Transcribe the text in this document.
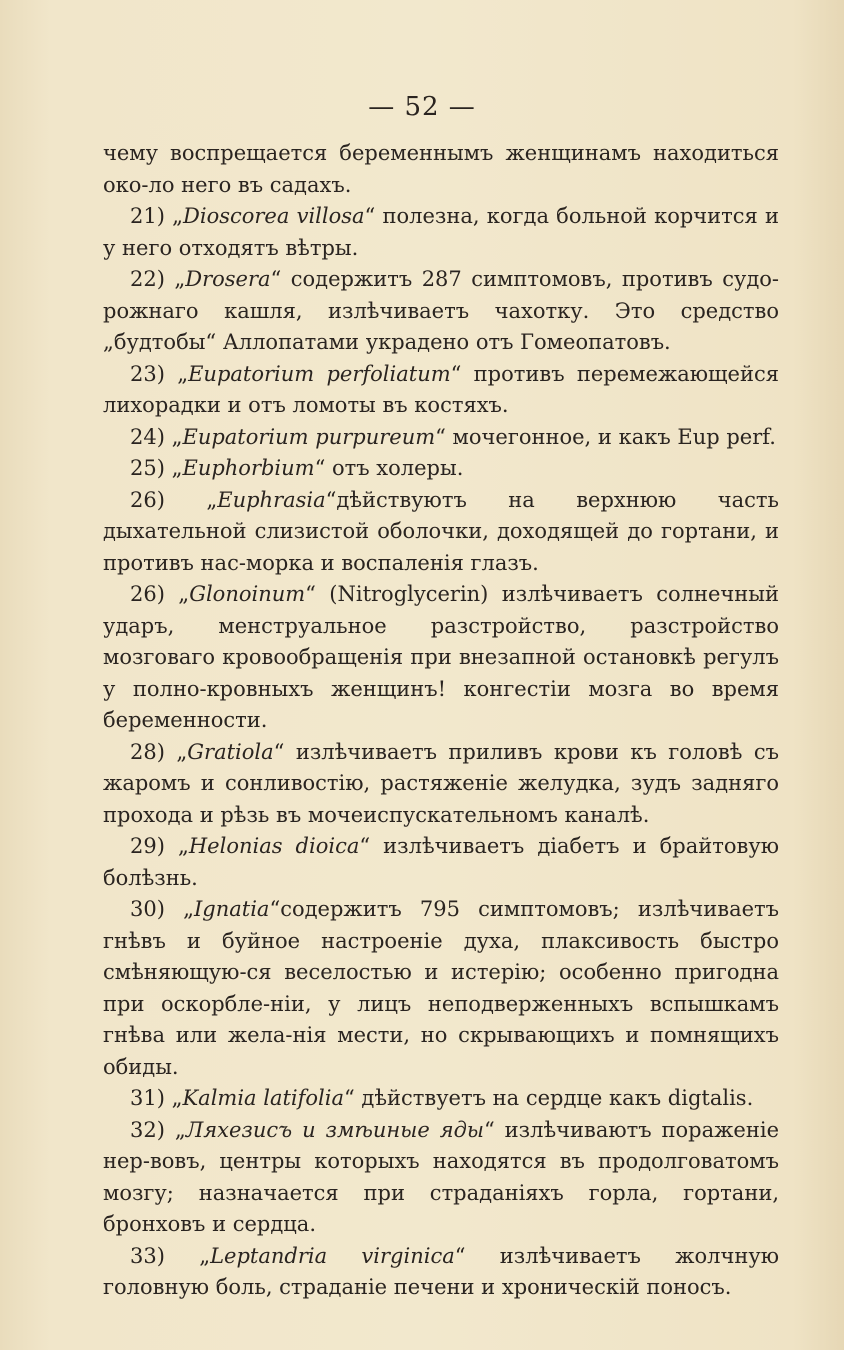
— 52 —

чему воспрещается беременнымъ женщинамъ находиться око-ло него въ садахъ.

21) „Dioscorea villosa“ полезна, когда больной корчится и у него отходятъ вѣтры.

22) „Drosera“ содержитъ 287 симптомовъ, противъ судо-рожнаго кашля, излѣчиваетъ чахотку. Это средство „будтобы“ Аллопатами украдено отъ Гомеопатовъ.

23) „Eupatorium perfoliatum“ противъ перемежающейся лихорадки и отъ ломоты въ костяхъ.

24) „Eupatorium purpureum“ мочегонное, и какъ Eup perf.

25) „Euphorbium“ отъ холеры.

26) „Euphrasia“дѣйствуютъ на верхнюю часть дыхательной слизистой оболочки, доходящей до гортани, и противъ нас-морка и воспаленія глазъ.

26) „Glonoinum“ (Nitroglycerin) излѣчиваетъ солнечный ударъ, менструальное разстройство, разстройство мозговаго кровообращенія при внезапной остановкѣ регулъ у полно-кровныхъ женщинъ! конгестіи мозга во время беременности.

28) „Gratiola“ излѣчиваетъ приливъ крови къ головѣ съ жаромъ и сонливостію, растяженіе желудка, зудъ задняго прохода и рѣзь въ мочеиспускательномъ каналѣ.

29) „Helonias dioica“ излѣчиваетъ діабетъ и брайтовую болѣзнь.

30) „Ignatia“содержитъ 795 симптомовъ; излѣчиваетъ гнѣвъ и буйное настроеніе духа, плаксивость быстро смѣняющую-ся веселостью и истерію; особенно пригодна при оскорбле-ніи, у лицъ неподверженныхъ вспышкамъ гнѣва или жела-нія мести, но скрывающихъ и помнящихъ обиды.

31) „Kalmia latifolia“ дѣйствуетъ на сердце какъ digtalis.

32) „Ляхезисъ и змѣиные яды“ излѣчиваютъ пораженіе нер-вовъ, центры которыхъ находятся въ продолговатомъ мозгу; назначается при страданіяхъ горла, гортани, бронховъ и сердца.

33) „Leptandria virginica“ излѣчиваетъ жолчную головную боль, страданіе печени и хроническій поносъ.
